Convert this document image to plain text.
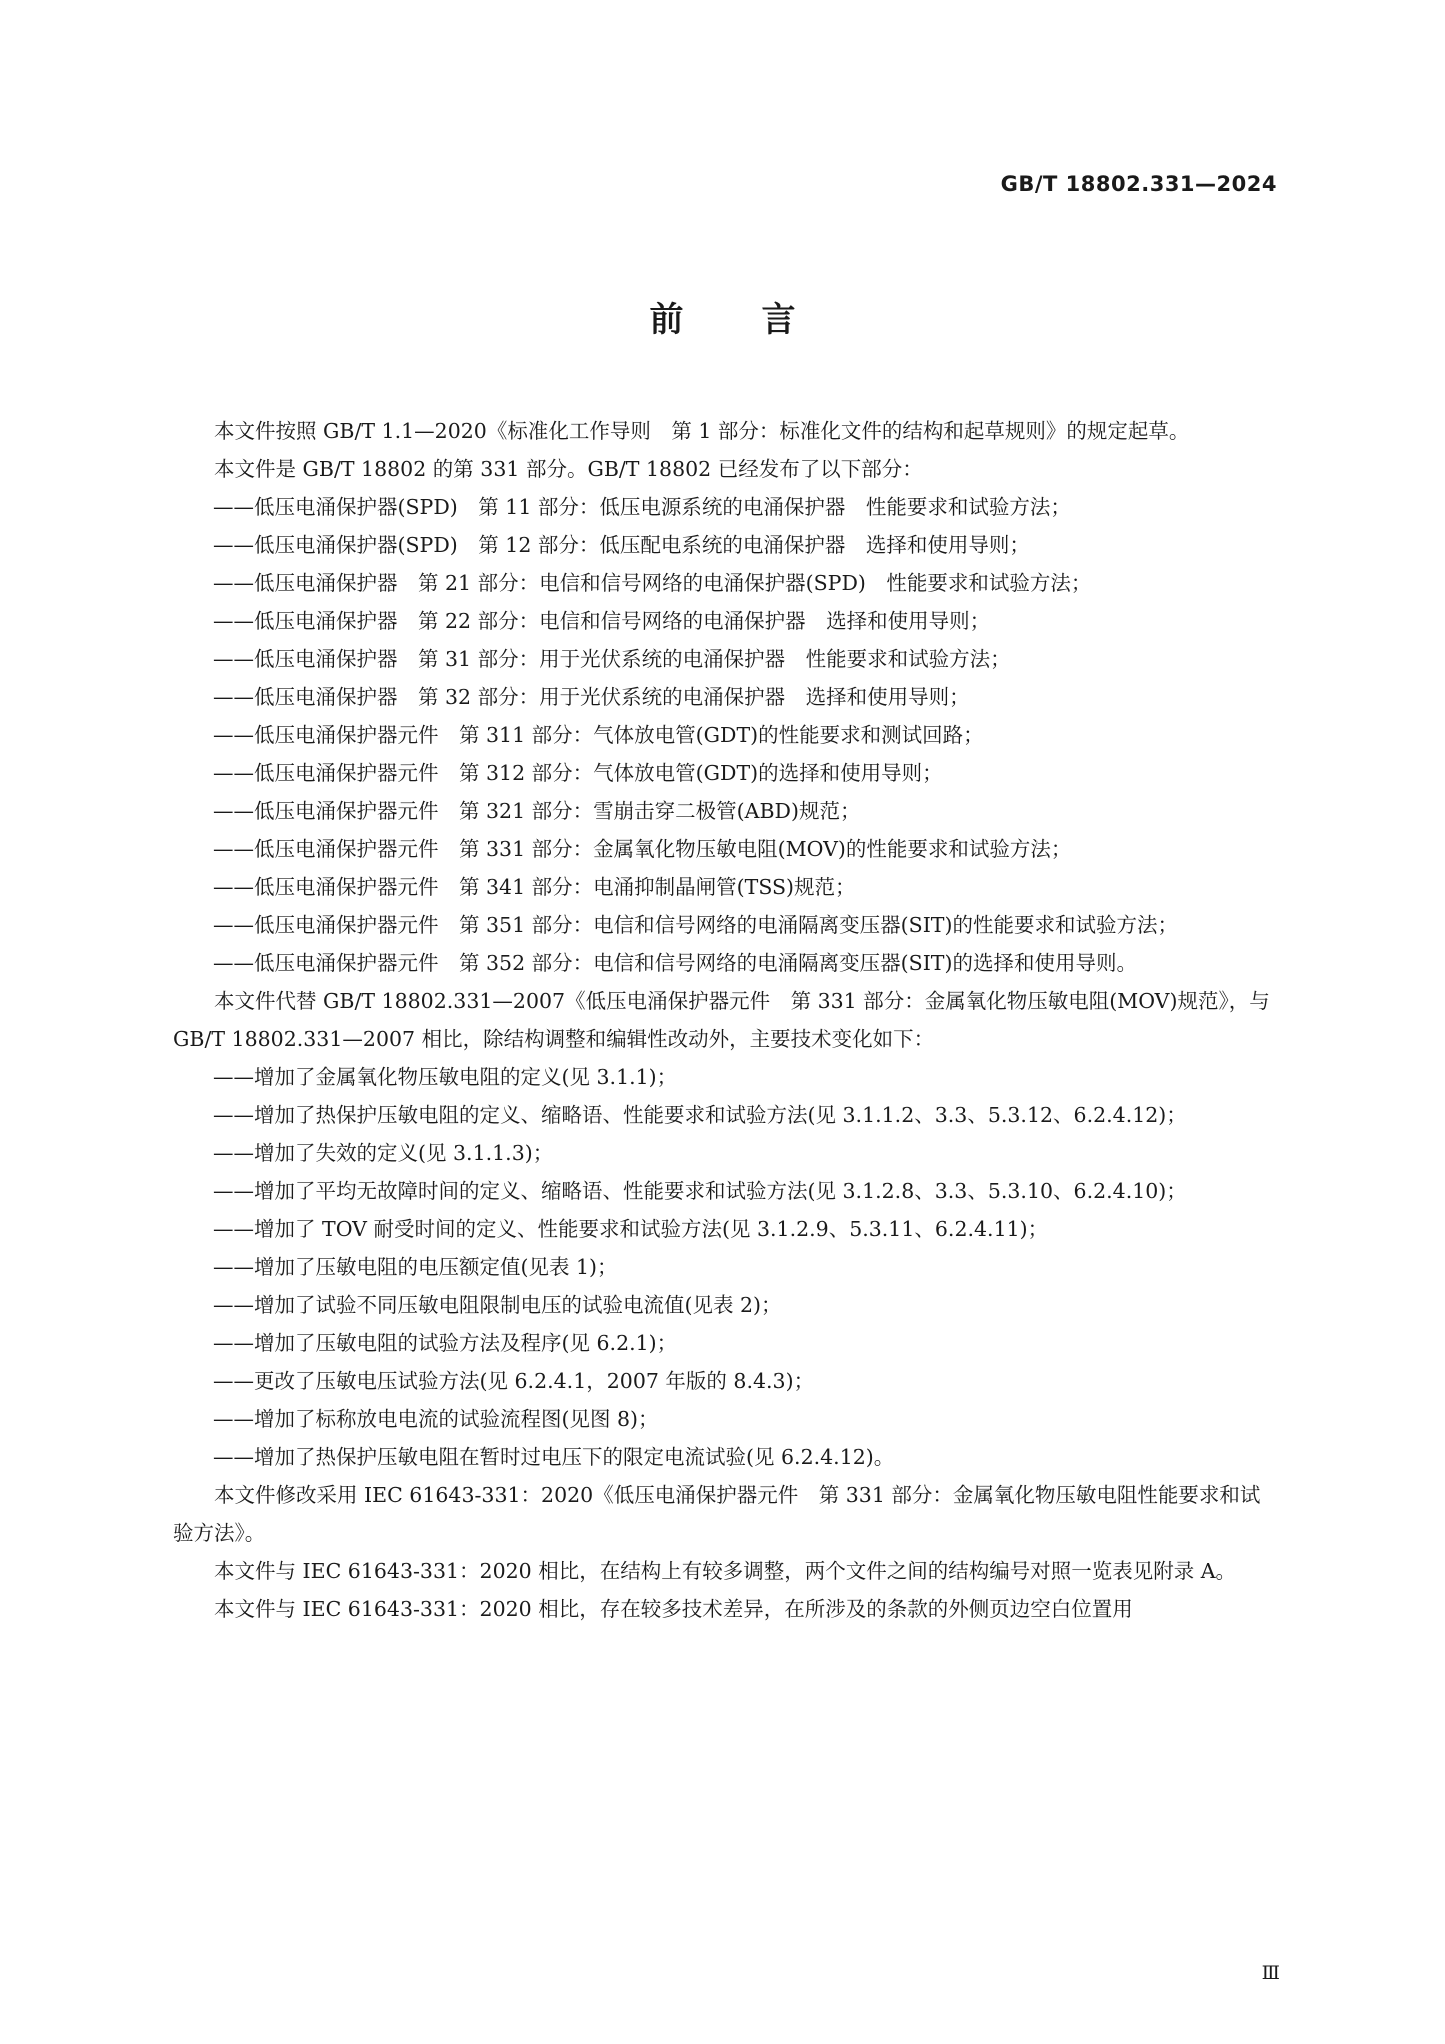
GB/T 18802.331—2024
前 言

本文件按照 GB/T 1.1—2020《标准化工作导则　第 1 部分：标准化文件的结构和起草规则》的规定起草。

本文件是 GB/T 18802 的第 331 部分。GB/T 18802 已经发布了以下部分：

——低压电涌保护器(SPD)　第 11 部分：低压电源系统的电涌保护器　性能要求和试验方法；

——低压电涌保护器(SPD)　第 12 部分：低压配电系统的电涌保护器　选择和使用导则；

——低压电涌保护器　第 21 部分：电信和信号网络的电涌保护器(SPD)　性能要求和试验方法；

——低压电涌保护器　第 22 部分：电信和信号网络的电涌保护器　选择和使用导则；

——低压电涌保护器　第 31 部分：用于光伏系统的电涌保护器　性能要求和试验方法；

——低压电涌保护器　第 32 部分：用于光伏系统的电涌保护器　选择和使用导则；

——低压电涌保护器元件　第 311 部分：气体放电管(GDT)的性能要求和测试回路；

——低压电涌保护器元件　第 312 部分：气体放电管(GDT)的选择和使用导则；

——低压电涌保护器元件　第 321 部分：雪崩击穿二极管(ABD)规范；

——低压电涌保护器元件　第 331 部分：金属氧化物压敏电阻(MOV)的性能要求和试验方法；

——低压电涌保护器元件　第 341 部分：电涌抑制晶闸管(TSS)规范；

——低压电涌保护器元件　第 351 部分：电信和信号网络的电涌隔离变压器(SIT)的性能要求和试验方法；

——低压电涌保护器元件　第 352 部分：电信和信号网络的电涌隔离变压器(SIT)的选择和使用导则。

本文件代替 GB/T 18802.331—2007《低压电涌保护器元件　第 331 部分：金属氧化物压敏电阻(MOV)规范》，与 GB/T 18802.331—2007 相比，除结构调整和编辑性改动外，主要技术变化如下：

——增加了金属氧化物压敏电阻的定义(见 3.1.1)；

——增加了热保护压敏电阻的定义、缩略语、性能要求和试验方法(见 3.1.1.2、3.3、5.3.12、6.2.4.12)；

——增加了失效的定义(见 3.1.1.3)；

——增加了平均无故障时间的定义、缩略语、性能要求和试验方法(见 3.1.2.8、3.3、5.3.10、6.2.4.10)；

——增加了 TOV 耐受时间的定义、性能要求和试验方法(见 3.1.2.9、5.3.11、6.2.4.11)；

——增加了压敏电阻的电压额定值(见表 1)；

——增加了试验不同压敏电阻限制电压的试验电流值(见表 2)；

——增加了压敏电阻的试验方法及程序(见 6.2.1)；

——更改了压敏电压试验方法(见 6.2.4.1，2007 年版的 8.4.3)；

——增加了标称放电电流的试验流程图(见图 8)；

——增加了热保护压敏电阻在暂时过电压下的限定电流试验(见 6.2.4.12)。

本文件修改采用 IEC 61643-331：2020《低压电涌保护器元件　第 331 部分：金属氧化物压敏电阻性能要求和试验方法》。

本文件与 IEC 61643-331：2020 相比，在结构上有较多调整，两个文件之间的结构编号对照一览表见附录 A。

本文件与 IEC 61643-331：2020 相比，存在较多技术差异，在所涉及的条款的外侧页边空白位置用

Ⅲ
